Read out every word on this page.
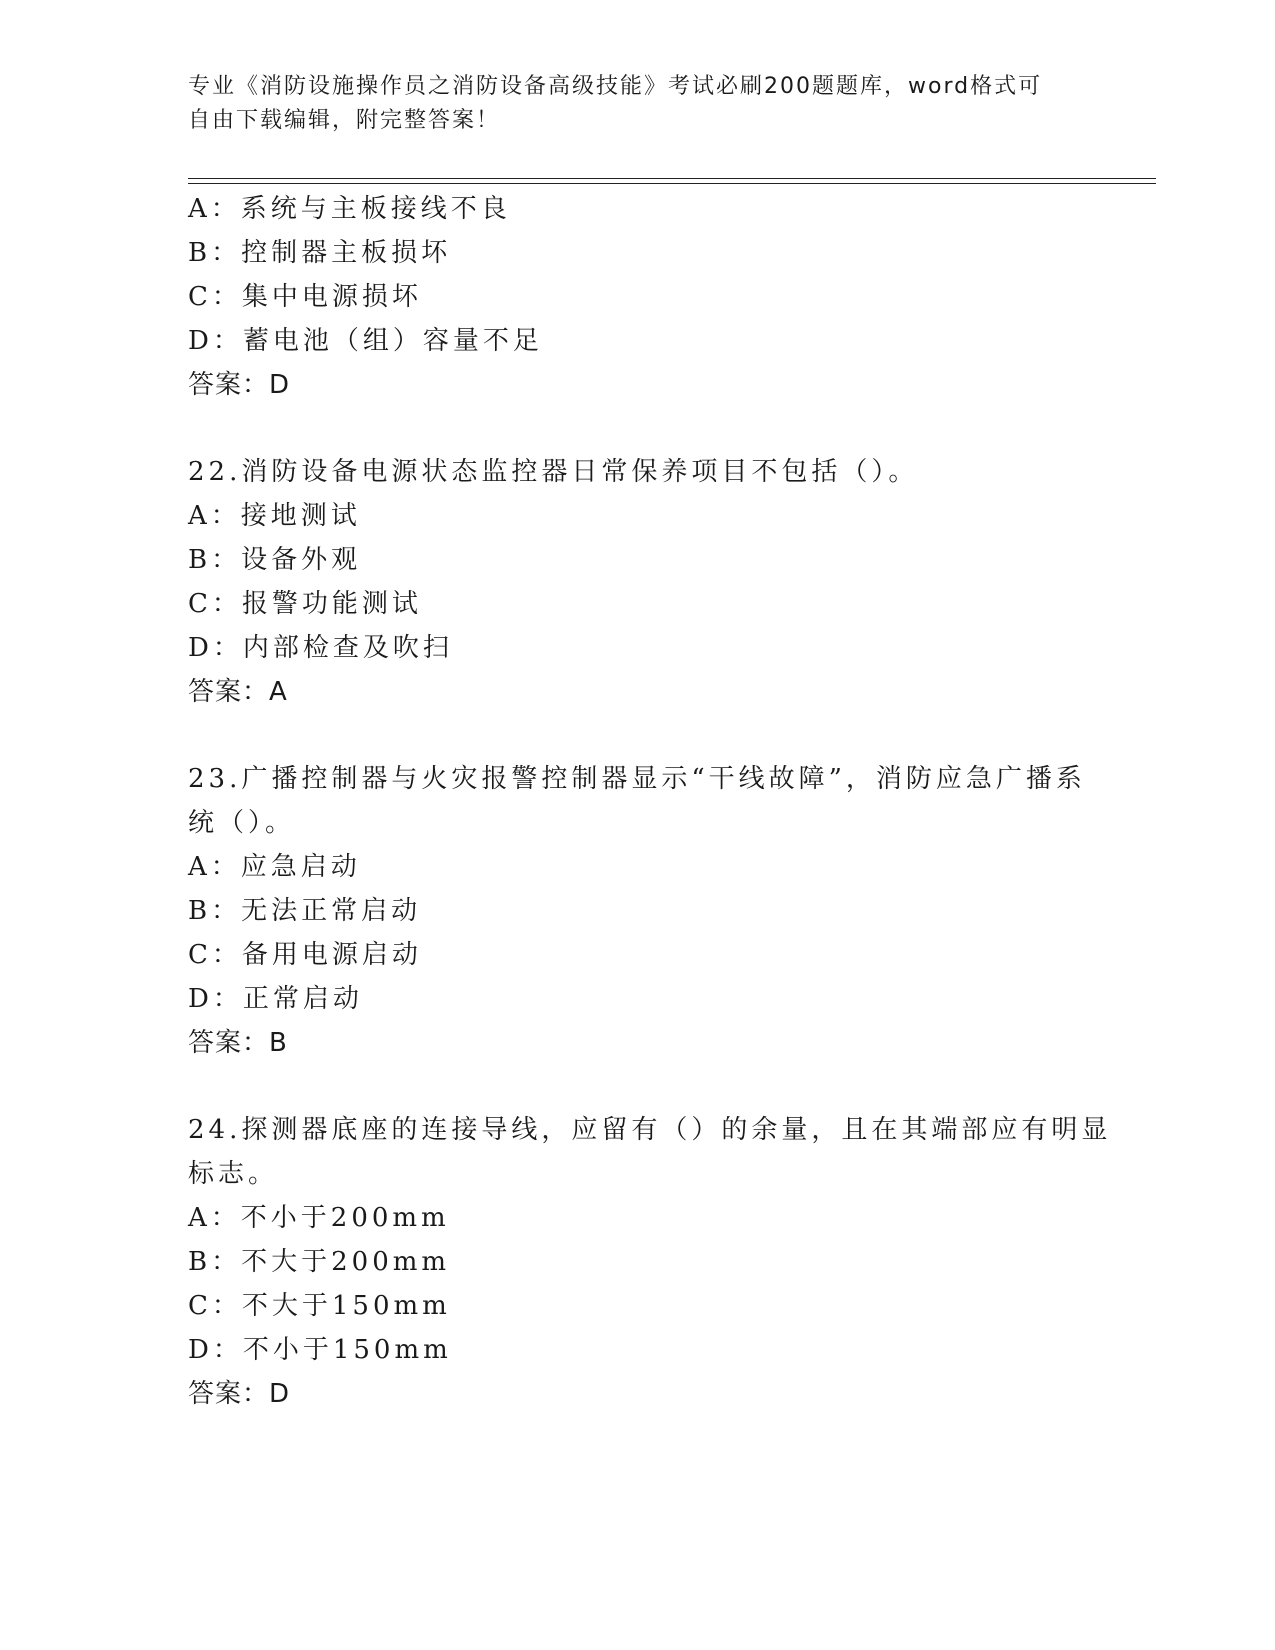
专业《消防设施操作员之消防设备高级技能》考试必刷200题题库，word格式可
自由下载编辑，附完整答案！
A：系统与主板接线不良
B：控制器主板损坏
C：集中电源损坏
D：蓄电池（组）容量不足
答案：D
22.消防设备电源状态监控器日常保养项目不包括（）。
A：接地测试
B：设备外观
C：报警功能测试
D：内部检查及吹扫
答案：A
23.广播控制器与火灾报警控制器显示“干线故障”，消防应急广播系
统（）。
A：应急启动
B：无法正常启动
C：备用电源启动
D：正常启动
答案：B
24.探测器底座的连接导线，应留有（）的余量，且在其端部应有明显
标志。
A：不小于200mm
B：不大于200mm
C：不大于150mm
D：不小于150mm
答案：D
